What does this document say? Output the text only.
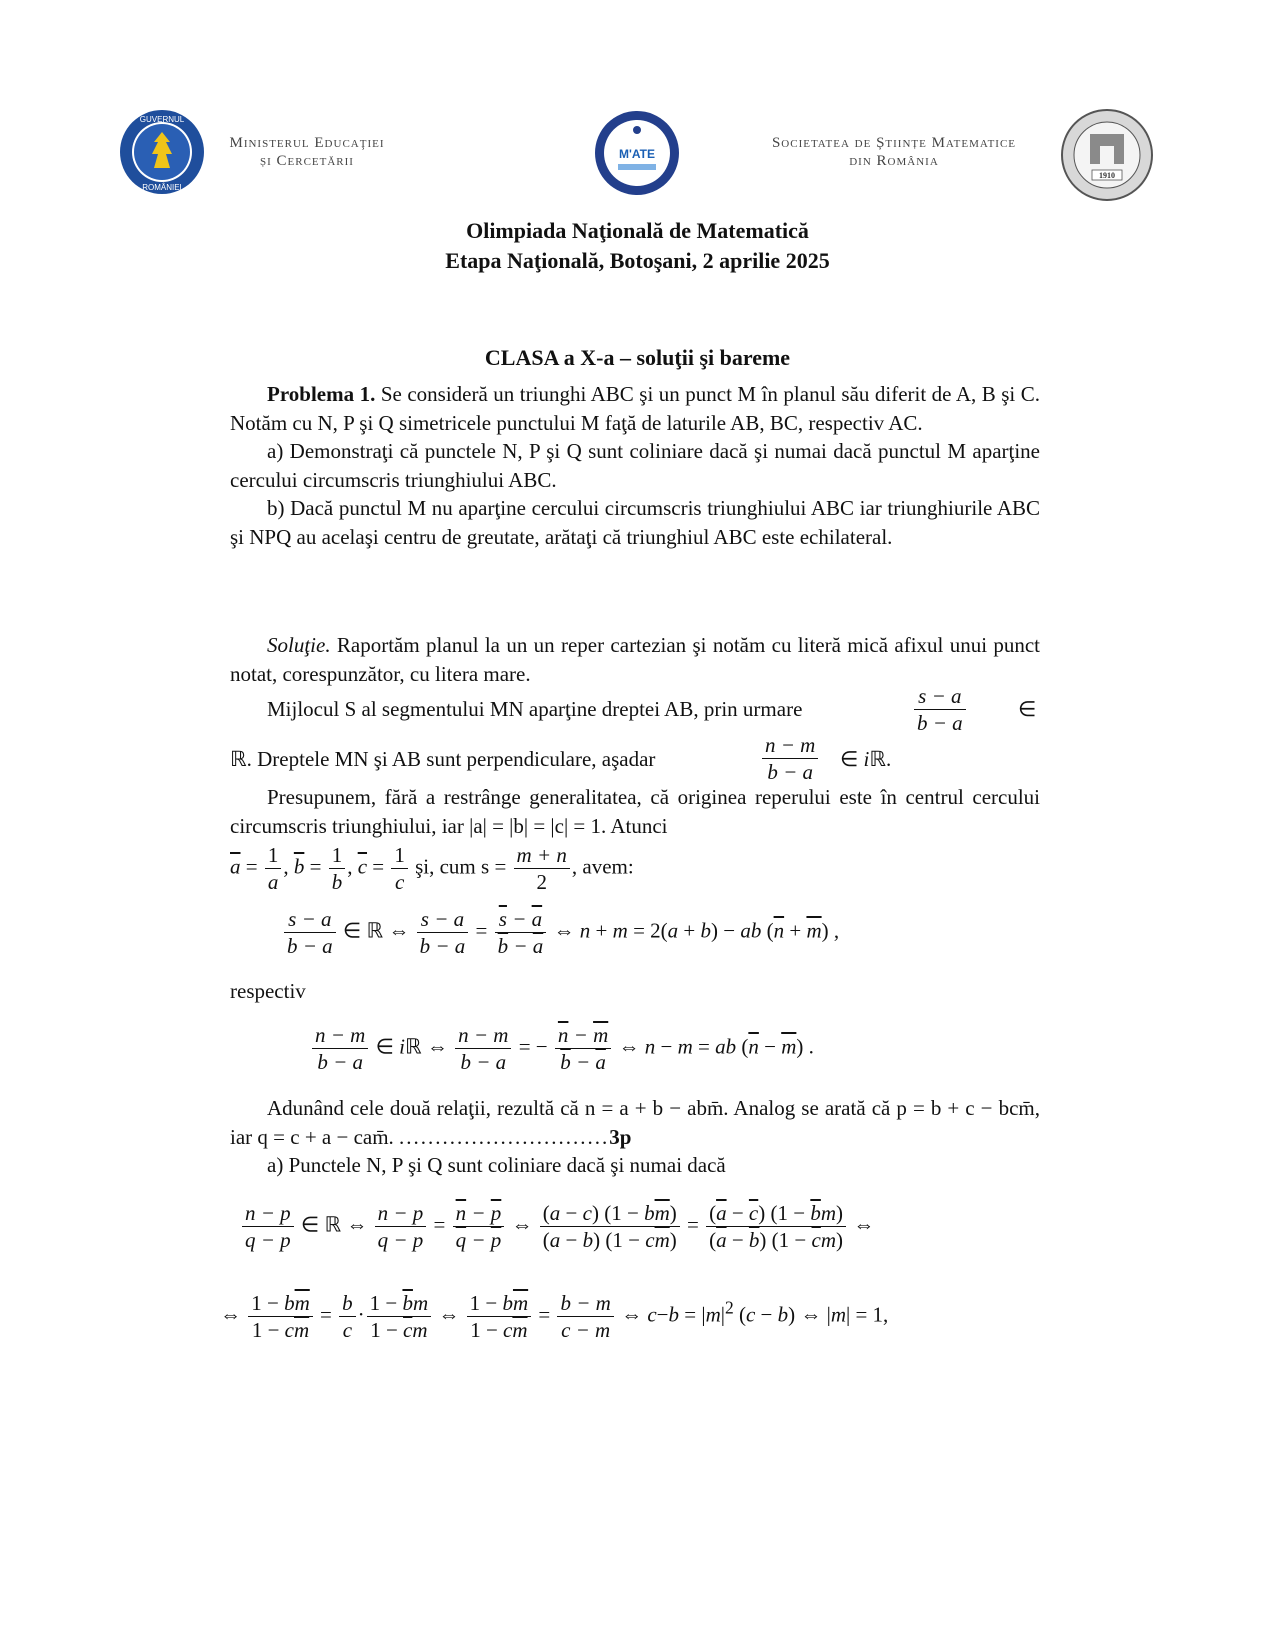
GUVERNUL
ROMÂNIEI
Ministerul Educaţiei
și Cercetării	M'ATE
Societatea de Științe Matematice
din România
1910
Olimpiada Naţională de Matematică
Etapa Naţională, Botoşani, 2 aprilie 2025
CLASA a X-a – soluţii şi bareme

Problema 1. Se consideră un triunghi ABC şi un punct M în planul său diferit de A, B şi C. Notăm cu N, P şi Q simetricele punctului M faţă de laturile AB, BC, respectiv AC.

a) Demonstraţi că punctele N, P şi Q sunt coliniare dacă şi numai dacă punctul M aparţine cercului circumscris triunghiului ABC.

b) Dacă punctul M nu aparţine cercului circumscris triunghiului ABC iar triunghiurile ABC şi NPQ au acelaşi centru de greutate, arătaţi că triunghiul ABC este echilateral.

Soluţie. Raportăm planul la un un reper cartezian şi notăm cu literă mică afixul unui punct notat, corespunzător, cu litera mare.

Mijlocul S al segmentului MN aparţine dreptei AB, prin urmare	$\frac{s - a}{b - a}$ ∈
ℝ. Dreptele MN şi AB sunt perpendiculare, aşadar	$\frac{n - m}{b - a}$ ∈ iℝ.

Presupunem, fără a restrânge generalitatea, că originea reperului este în centrul cercului circumscris triunghiului, iar |a| = |b| = |c| = 1. Atunci

$\overline{a} = \frac{1}{a}$ , $\overline{b} = \frac{1}{b}$ , $\overline{c} = \frac{1}{c}$ şi, cum $s = \frac{m + n}{2}$ , avem:
$\frac{s - a}{b - a}$ ∈ ℝ ⇔ $\frac{s - a}{b - a} = \frac{\overline{s} - \overline{a}}{\overline{b} - \overline{a}}$ ⇔ n + m = 2(a + b) − ab $(\overline{n} + \overline{m})$ ,
respectiv
$\frac{n - m}{b - a}$ ∈ iℝ ⇔ $\frac{n - m}{b - a}$ = − $\frac{\overline{n} - \overline{m}}{\overline{b} - \overline{a}}$ ⇔ n − m = ab $(\overline{n} - \overline{m})$ .

Adunând cele două relaţii, rezultă că n = a + b − abm̄. Analog se arată că p = b + c − bcm̄, iar q = c + a − cam̄. .............................3p

a) Punctele N, P şi Q sunt coliniare dacă şi numai dacă

$\frac{n - p}{q - p}$ ∈ ℝ ⇔ $\frac{n - p}{q - p} = \frac{\overline{n} - \overline{p}}{\overline{q} - \overline{p}}$ ⇔ $\frac{(a - c) (1 - b\overline{m})}{(a - b) (1 - c\overline{m})} = \frac{(\overline{a} - \overline{c}) (1 - \overline{b}m)}{(\overline{a} - \overline{b}) (1 - \overline{c}m)}$ ⇔
⇔ $\frac{1 - b\overline{m}}{1 - c\overline{m}} = \frac{b}{c} \cdot \frac{1 - \overline{b}m}{1 - \overline{c}m}$ ⇔ $\frac{1 - b\overline{m}}{1 - c\overline{m}} = \frac{b - m}{c - m}$ ⇔ $c-b = |m|^2$ (c − b) ⇔ |m| = 1,
